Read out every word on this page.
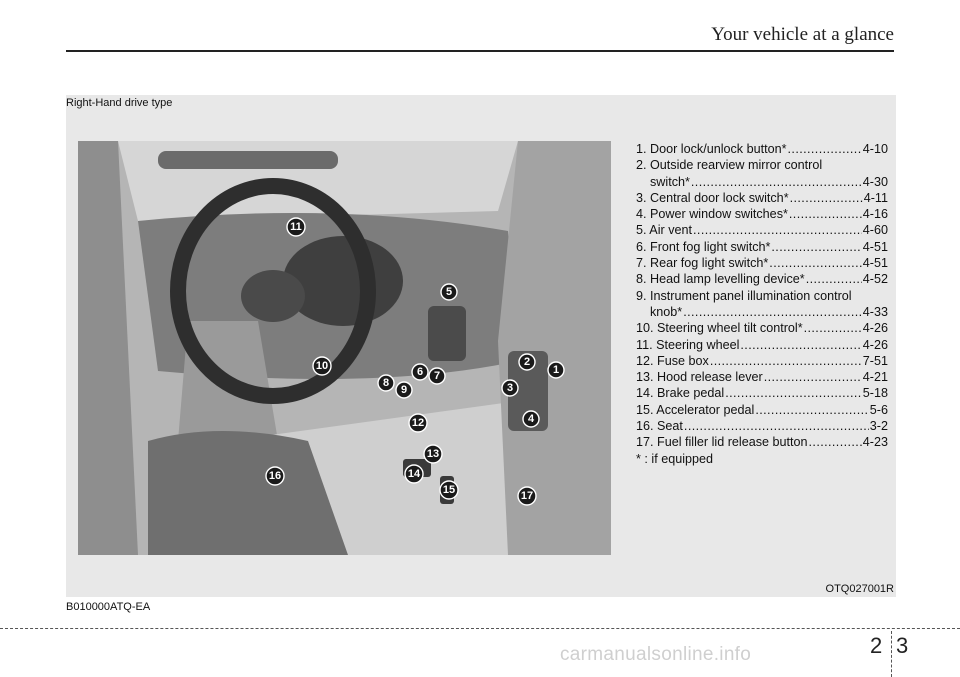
Your vehicle at a glance
Right-Hand drive type
1
2
3
4
5
6 7
8
9
10
11
12
13
14
15
16
17
1. Door lock/unlock button* .....	4-10
2. Outside rearview mirror control
switch* .....	4-30
3. Central door lock switch* .....	4-11
4. Power window switches* .....	4-16
5. Air vent .....	4-60
6. Front fog light switch* .....	4-51
7. Rear fog light switch* .....	4-51
8. Head lamp levelling device* .....	4-52
9. Instrument panel illumination control
knob* .....	4-33
10. Steering wheel tilt control* .....	4-26
11. Steering wheel .....	4-26
12. Fuse box .....	7-51
13. Hood release lever .....	4-21
14. Brake pedal .....	5-18
15. Accelerator pedal .....	5-6
16. Seat .....	3-2
17. Fuel filler lid release button .....	4-23
* : if equipped
OTQ027001R
B010000ATQ-EA
2 3
carmanualsonline.info
